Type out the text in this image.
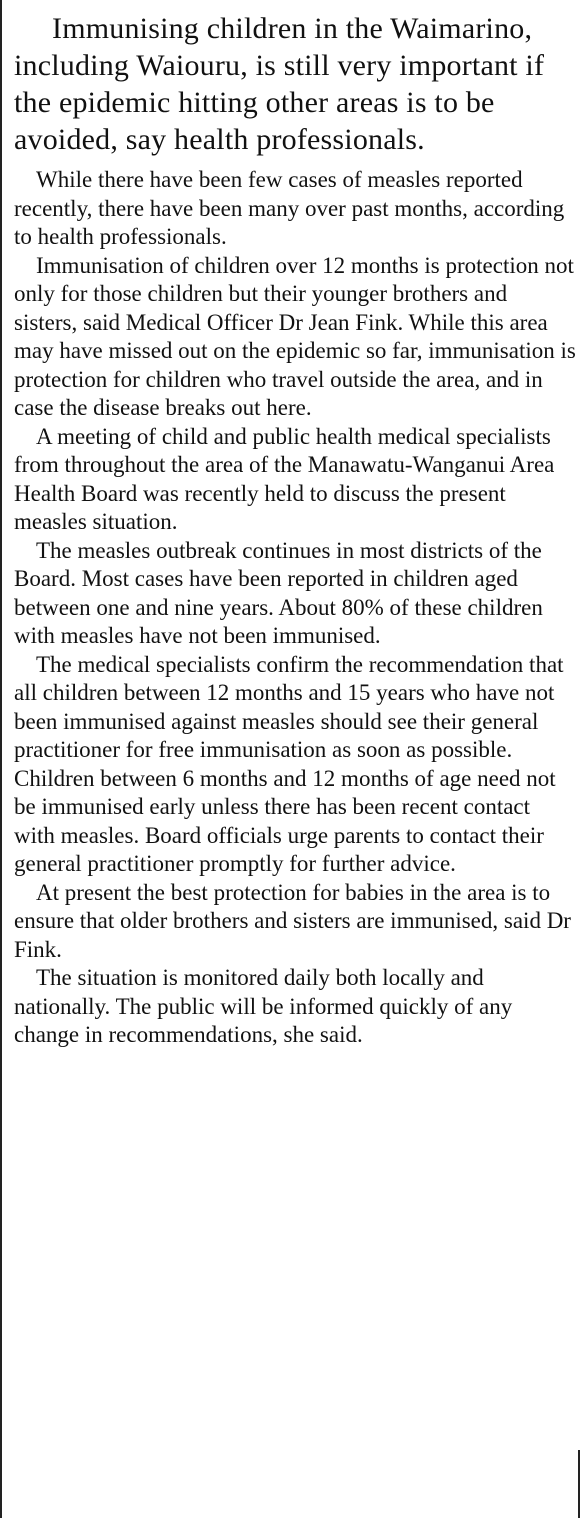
Immunising children in the Waimarino, including Waiouru, is still very important if the epidemic hitting other areas is to be avoided, say health professionals.

While there have been few cases of measles reported recently, there have been many over past months, according to health professionals.

Immunisation of children over 12 months is protection not only for those children but their younger brothers and sisters, said Medical Officer Dr Jean Fink. While this area may have missed out on the epidemic so far, immunisation is protection for children who travel outside the area, and in case the disease breaks out here.

A meeting of child and public health medical specialists from throughout the area of the Manawatu-Wanganui Area Health Board was recently held to discuss the present measles situation.

The measles outbreak continues in most districts of the Board. Most cases have been reported in children aged between one and nine years. About 80% of these children with measles have not been immunised.

The medical specialists confirm the recommendation that all children between 12 months and 15 years who have not been immunised against measles should see their general practitioner for free immunisation as soon as possible. Children between 6 months and 12 months of age need not be immunised early unless there has been recent contact with measles. Board officials urge parents to contact their general practitioner promptly for further advice.

At present the best protection for babies in the area is to ensure that older brothers and sisters are immunised, said Dr Fink.

The situation is monitored daily both locally and nationally. The public will be informed quickly of any change in recommendations, she said.
